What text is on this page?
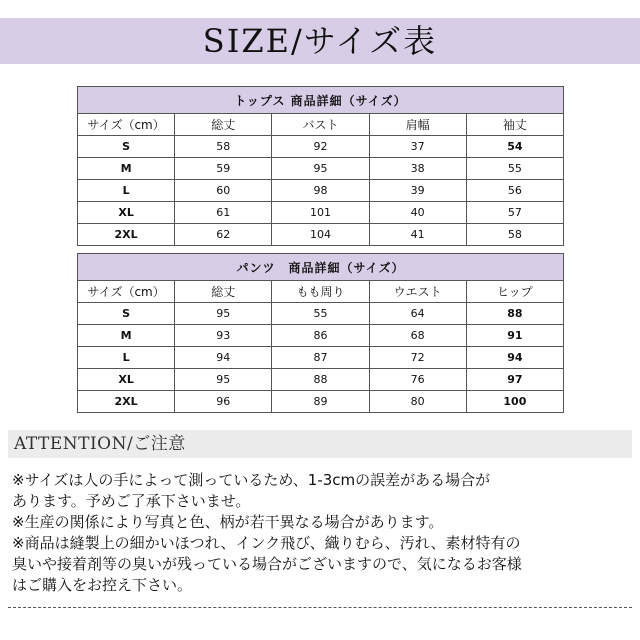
SIZE/サイズ表
トップス 商品詳細（サイズ）				
サイズ（cm）	総丈	バスト	肩幅	袖丈
S	58	92	37	54
M	59	95	38	55
L	60	98	39	56
XL	61	101	40	57
2XL	62	104	41	58
パンツ　商品詳細（サイズ）				
サイズ（cm）	総丈	もも周り	ウエスト	ヒップ
S	95	55	64	88
M	93	86	68	91
L	94	87	72	94
XL	95	88	76	97
2XL	96	89	80	100
ATTENTION/ご注意
※サイズは人の手によって測っているため、1-3cmの誤差がある場合が
あります。予めご了承下さいませ。
※生産の関係により写真と色、柄が若干異なる場合があります。
※商品は縫製上の細かいほつれ、インク飛び、織りむら、汚れ、素材特有の
臭いや接着剤等の臭いが残っている場合がございますので、気になるお客様
はご購入をお控え下さい。
